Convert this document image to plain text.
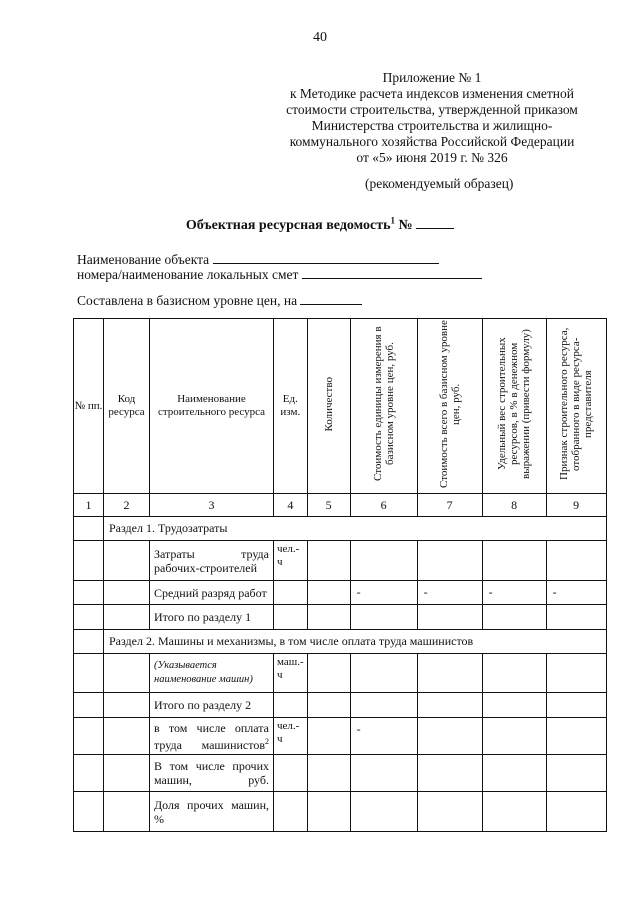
40
Приложение № 1
к Методике расчета индексов изменения сметной
стоимости строительства, утвержденной приказом
Министерства строительства и жилищно-
коммунального хозяйства Российской Федерации
от «5» июня 2019 г. № 326
(рекомендуемый образец)
Объектная ресурсная ведомость$^1$ №
Наименование объекта
номера/наименование локальных смет
Составлена в базисном уровне цен, на
№ пп.	Код ресурса	Наименование строительного ресурса	Ед. изм.	Количество	Стоимость единицы измерения в базисном уровне цен, руб.	Стоимость всего в базисном уровне цен, руб.	Удельный вес строительных ресурсов, в % в денежном выражении (привести формулу)	Признак строительного ресурса, отобранного в виде ресурса-представителя
1	2	3	4	5	6	7	8	9
	Раздел 1. Трудозатраты							
		Затраты труда рабочих-строителей	чел.-ч					
		Средний разряд работ			-	-	-	-
		Итого по разделу 1						
	Раздел 2. Машины и механизмы, в том числе оплата труда машинистов							
		(Указывается наименование машин)	маш.-ч					
		Итого по разделу 2						
		в том числе оплата труда машинистов$^2$	чел.-ч		-			
		В том числе прочих машин, руб.						
		Доля прочих машин, %						
